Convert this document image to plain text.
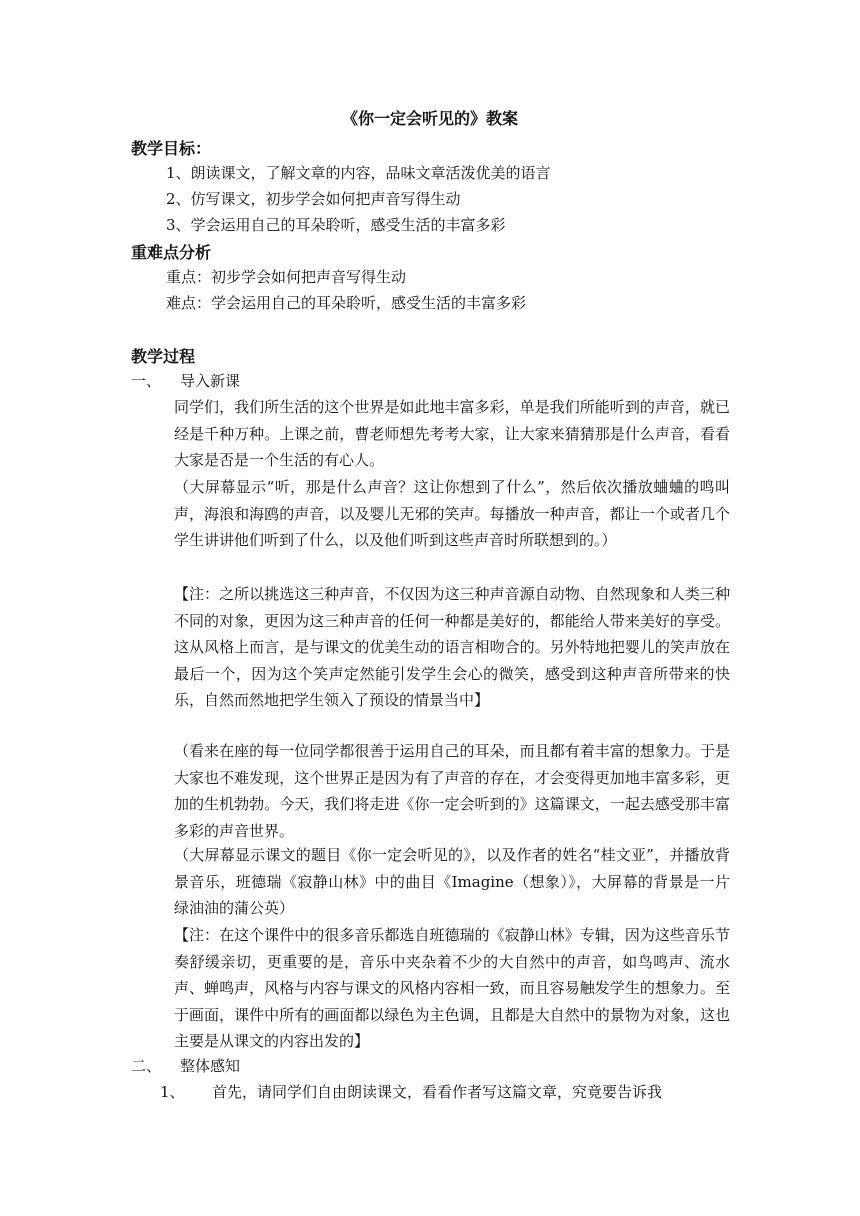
《你一定会听见的》教案
教学目标：
1、朗读课文，了解文章的内容，品味文章活泼优美的语言
2、仿写课文，初步学会如何把声音写得生动
3、学会运用自己的耳朵聆听，感受生活的丰富多彩
重难点分析
重点：初步学会如何把声音写得生动
难点：学会运用自己的耳朵聆听，感受生活的丰富多彩
教学过程
一、 导入新课
同学们，我们所生活的这个世界是如此地丰富多彩，单是我们所能听到的声音，就已经是千种万种。上课之前，曹老师想先考考大家，让大家来猜猜那是什么声音，看看大家是否是一个生活的有心人。
（大屏幕显示“听，那是什么声音？这让你想到了什么”，然后依次播放蛐蛐的鸣叫声，海浪和海鸥的声音，以及婴儿无邪的笑声。每播放一种声音，都让一个或者几个学生讲讲他们听到了什么，以及他们听到这些声音时所联想到的。）
【注：之所以挑选这三种声音，不仅因为这三种声音源自动物、自然现象和人类三种不同的对象，更因为这三种声音的任何一种都是美好的，都能给人带来美好的享受。这从风格上而言，是与课文的优美生动的语言相吻合的。另外特地把婴儿的笑声放在最后一个，因为这个笑声定然能引发学生会心的微笑，感受到这种声音所带来的快乐，自然而然地把学生领入了预设的情景当中】
（看来在座的每一位同学都很善于运用自己的耳朵，而且都有着丰富的想象力。于是大家也不难发现，这个世界正是因为有了声音的存在，才会变得更加地丰富多彩，更加的生机勃勃。今天，我们将走进《你一定会听到的》这篇课文，一起去感受那丰富多彩的声音世界。
（大屏幕显示课文的题目《你一定会听见的》，以及作者的姓名“桂文亚”，并播放背景音乐，班德瑞《寂静山林》中的曲目《Imagine（想象）》，大屏幕的背景是一片绿油油的蒲公英）
【注：在这个课件中的很多音乐都选自班德瑞的《寂静山林》专辑，因为这些音乐节奏舒缓亲切，更重要的是，音乐中夹杂着不少的大自然中的声音，如鸟鸣声、流水声、蝉鸣声，风格与内容与课文的风格内容相一致，而且容易触发学生的想象力。至于画面，课件中所有的画面都以绿色为主色调，且都是大自然中的景物为对象，这也主要是从课文的内容出发的】
二、 整体感知
1、 首先，请同学们自由朗读课文，看看作者写这篇文章，究竟要告诉我
